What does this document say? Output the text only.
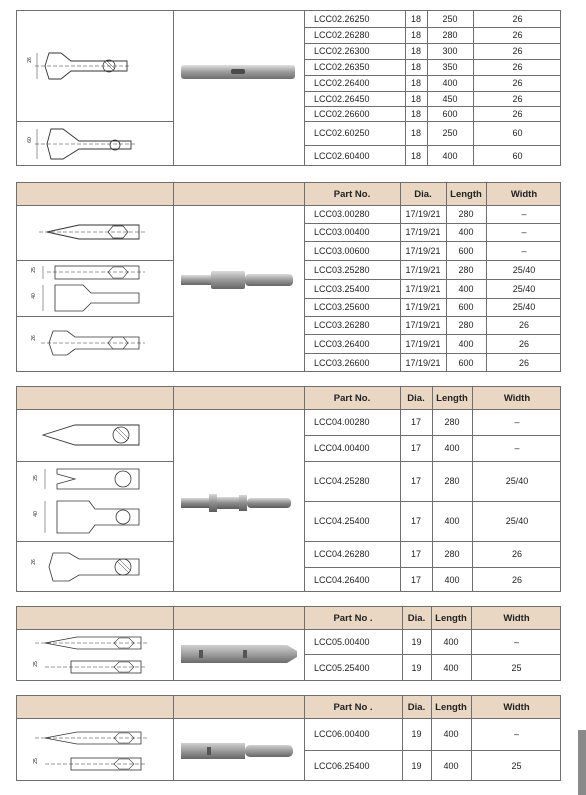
26
60
LCC02.26250	18	250	26
LCC02.26280	18	280	26
LCC02.26300	18	300	26
LCC02.26350	18	350	26
LCC02.26400	18	400	26
LCC02.26450	18	450	26
LCC02.26600	18	600	26
LCC02.60250	18	250	60
LCC02.60400	18	400	60
Part No.	Dia.	Length	Width
25
40
26
LCC03.00280	17/19/21	280	–
LCC03.00400	17/19/21	400	–
LCC03.00600	17/19/21	600	–
LCC03.25280	17/19/21	280	25/40
LCC03.25400	17/19/21	400	25/40
LCC03.25600	17/19/21	600	25/40
LCC03.26280	17/19/21	280	26
LCC03.26400	17/19/21	400	26
LCC03.26600	17/19/21	600	26
Part No.	Dia.	Length	Width
25
40
26
LCC04.00280	17	280	–
LCC04.00400	17	400	–
LCC04.25280	17	280	25/40
LCC04.25400	17	400	25/40
LCC04.26280	17	280	26
LCC04.26400	17	400	26
Part No .	Dia.	Length	Width
25
LCC05.00400	19	400	–
LCC05.25400	19	400	25
Part No .	Dia.	Length	Width
25
LCC06.00400	19	400	–
LCC06.25400	19	400	25
